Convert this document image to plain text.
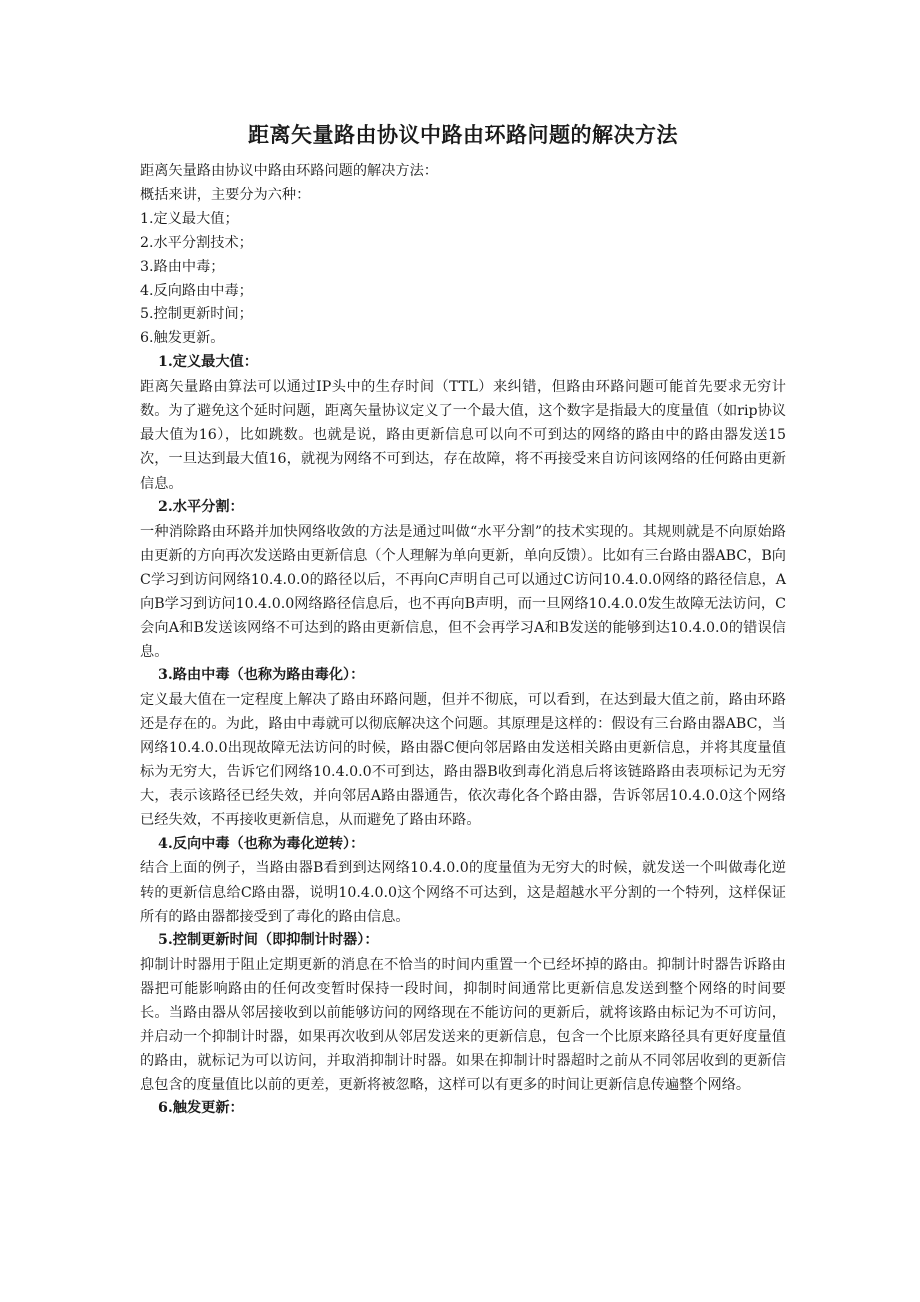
距离矢量路由协议中路由环路问题的解决方法

距离矢量路由协议中路由环路问题的解决方法：

概括来讲，主要分为六种：

1.定义最大值；

2.水平分割技术；

3.路由中毒；

4.反向路由中毒；

5.控制更新时间；

6.触发更新。

1.定义最大值：

距离矢量路由算法可以通过IP头中的生存时间（TTL）来纠错，但路由环路问题可能首先要求无穷计数。为了避免这个延时问题，距离矢量协议定义了一个最大值，这个数字是指最大的度量值（如rip协议最大值为16），比如跳数。也就是说，路由更新信息可以向不可到达的网络的路由中的路由器发送15次，一旦达到最大值16，就视为网络不可到达，存在故障，将不再接受来自访问该网络的任何路由更新信息。

2.水平分割：

一种消除路由环路并加快网络收敛的方法是通过叫做“水平分割”的技术实现的。其规则就是不向原始路由更新的方向再次发送路由更新信息（个人理解为单向更新，单向反馈）。比如有三台路由器ABC，B向C学习到访问网络10.4.0.0的路径以后，不再向C声明自己可以通过C访问10.4.0.0网络的路径信息，A向B学习到访问10.4.0.0网络路径信息后，也不再向B声明，而一旦网络10.4.0.0发生故障无法访问，C会向A和B发送该网络不可达到的路由更新信息，但不会再学习A和B发送的能够到达10.4.0.0的错误信息。

3.路由中毒（也称为路由毒化）：

定义最大值在一定程度上解决了路由环路问题，但并不彻底，可以看到，在达到最大值之前，路由环路还是存在的。为此，路由中毒就可以彻底解决这个问题。其原理是这样的：假设有三台路由器ABC，当网络10.4.0.0出现故障无法访问的时候，路由器C便向邻居路由发送相关路由更新信息，并将其度量值标为无穷大，告诉它们网络10.4.0.0不可到达，路由器B收到毒化消息后将该链路路由表项标记为无穷大，表示该路径已经失效，并向邻居A路由器通告，依次毒化各个路由器，告诉邻居10.4.0.0这个网络已经失效，不再接收更新信息，从而避免了路由环路。

4.反向中毒（也称为毒化逆转）：

结合上面的例子，当路由器B看到到达网络10.4.0.0的度量值为无穷大的时候，就发送一个叫做毒化逆转的更新信息给C路由器，说明10.4.0.0这个网络不可达到，这是超越水平分割的一个特列，这样保证所有的路由器都接受到了毒化的路由信息。

5.控制更新时间（即抑制计时器）：

抑制计时器用于阻止定期更新的消息在不恰当的时间内重置一个已经坏掉的路由。抑制计时器告诉路由器把可能影响路由的任何改变暂时保持一段时间，抑制时间通常比更新信息发送到整个网络的时间要长。当路由器从邻居接收到以前能够访问的网络现在不能访问的更新后，就将该路由标记为不可访问，并启动一个抑制计时器，如果再次收到从邻居发送来的更新信息，包含一个比原来路径具有更好度量值的路由，就标记为可以访问，并取消抑制计时器。如果在抑制计时器超时之前从不同邻居收到的更新信息包含的度量值比以前的更差，更新将被忽略，这样可以有更多的时间让更新信息传遍整个网络。

6.触发更新：
